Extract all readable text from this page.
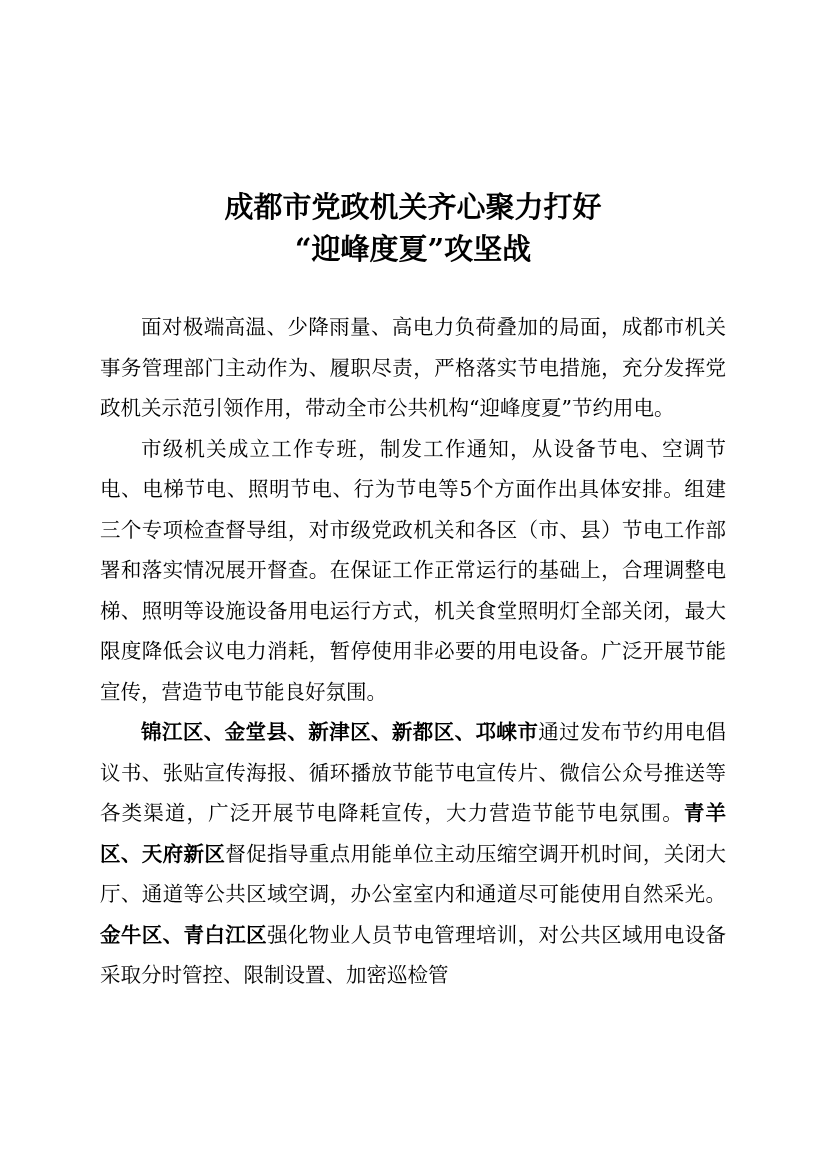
成都市党政机关齐心聚力打好
“迎峰度夏”攻坚战

面对极端高温、少降雨量、高电力负荷叠加的局面，成都市机关事务管理部门主动作为、履职尽责，严格落实节电措施，充分发挥党政机关示范引领作用，带动全市公共机构“迎峰度夏”节约用电。

市级机关成立工作专班，制发工作通知，从设备节电、空调节电、电梯节电、照明节电、行为节电等5个方面作出具体安排。组建三个专项检查督导组，对市级党政机关和各区（市、县）节电工作部署和落实情况展开督查。在保证工作正常运行的基础上，合理调整电梯、照明等设施设备用电运行方式，机关食堂照明灯全部关闭，最大限度降低会议电力消耗，暂停使用非必要的用电设备。广泛开展节能宣传，营造节电节能良好氛围。

锦江区、金堂县、新津区、新都区、邛崃市通过发布节约用电倡议书、张贴宣传海报、循环播放节能节电宣传片、微信公众号推送等各类渠道，广泛开展节电降耗宣传，大力营造节能节电氛围。青羊区、天府新区督促指导重点用能单位主动压缩空调开机时间，关闭大厅、通道等公共区域空调，办公室室内和通道尽可能使用自然采光。金牛区、青白江区强化物业人员节电管理培训，对公共区域用电设备采取分时管控、限制设置、加密巡检管
